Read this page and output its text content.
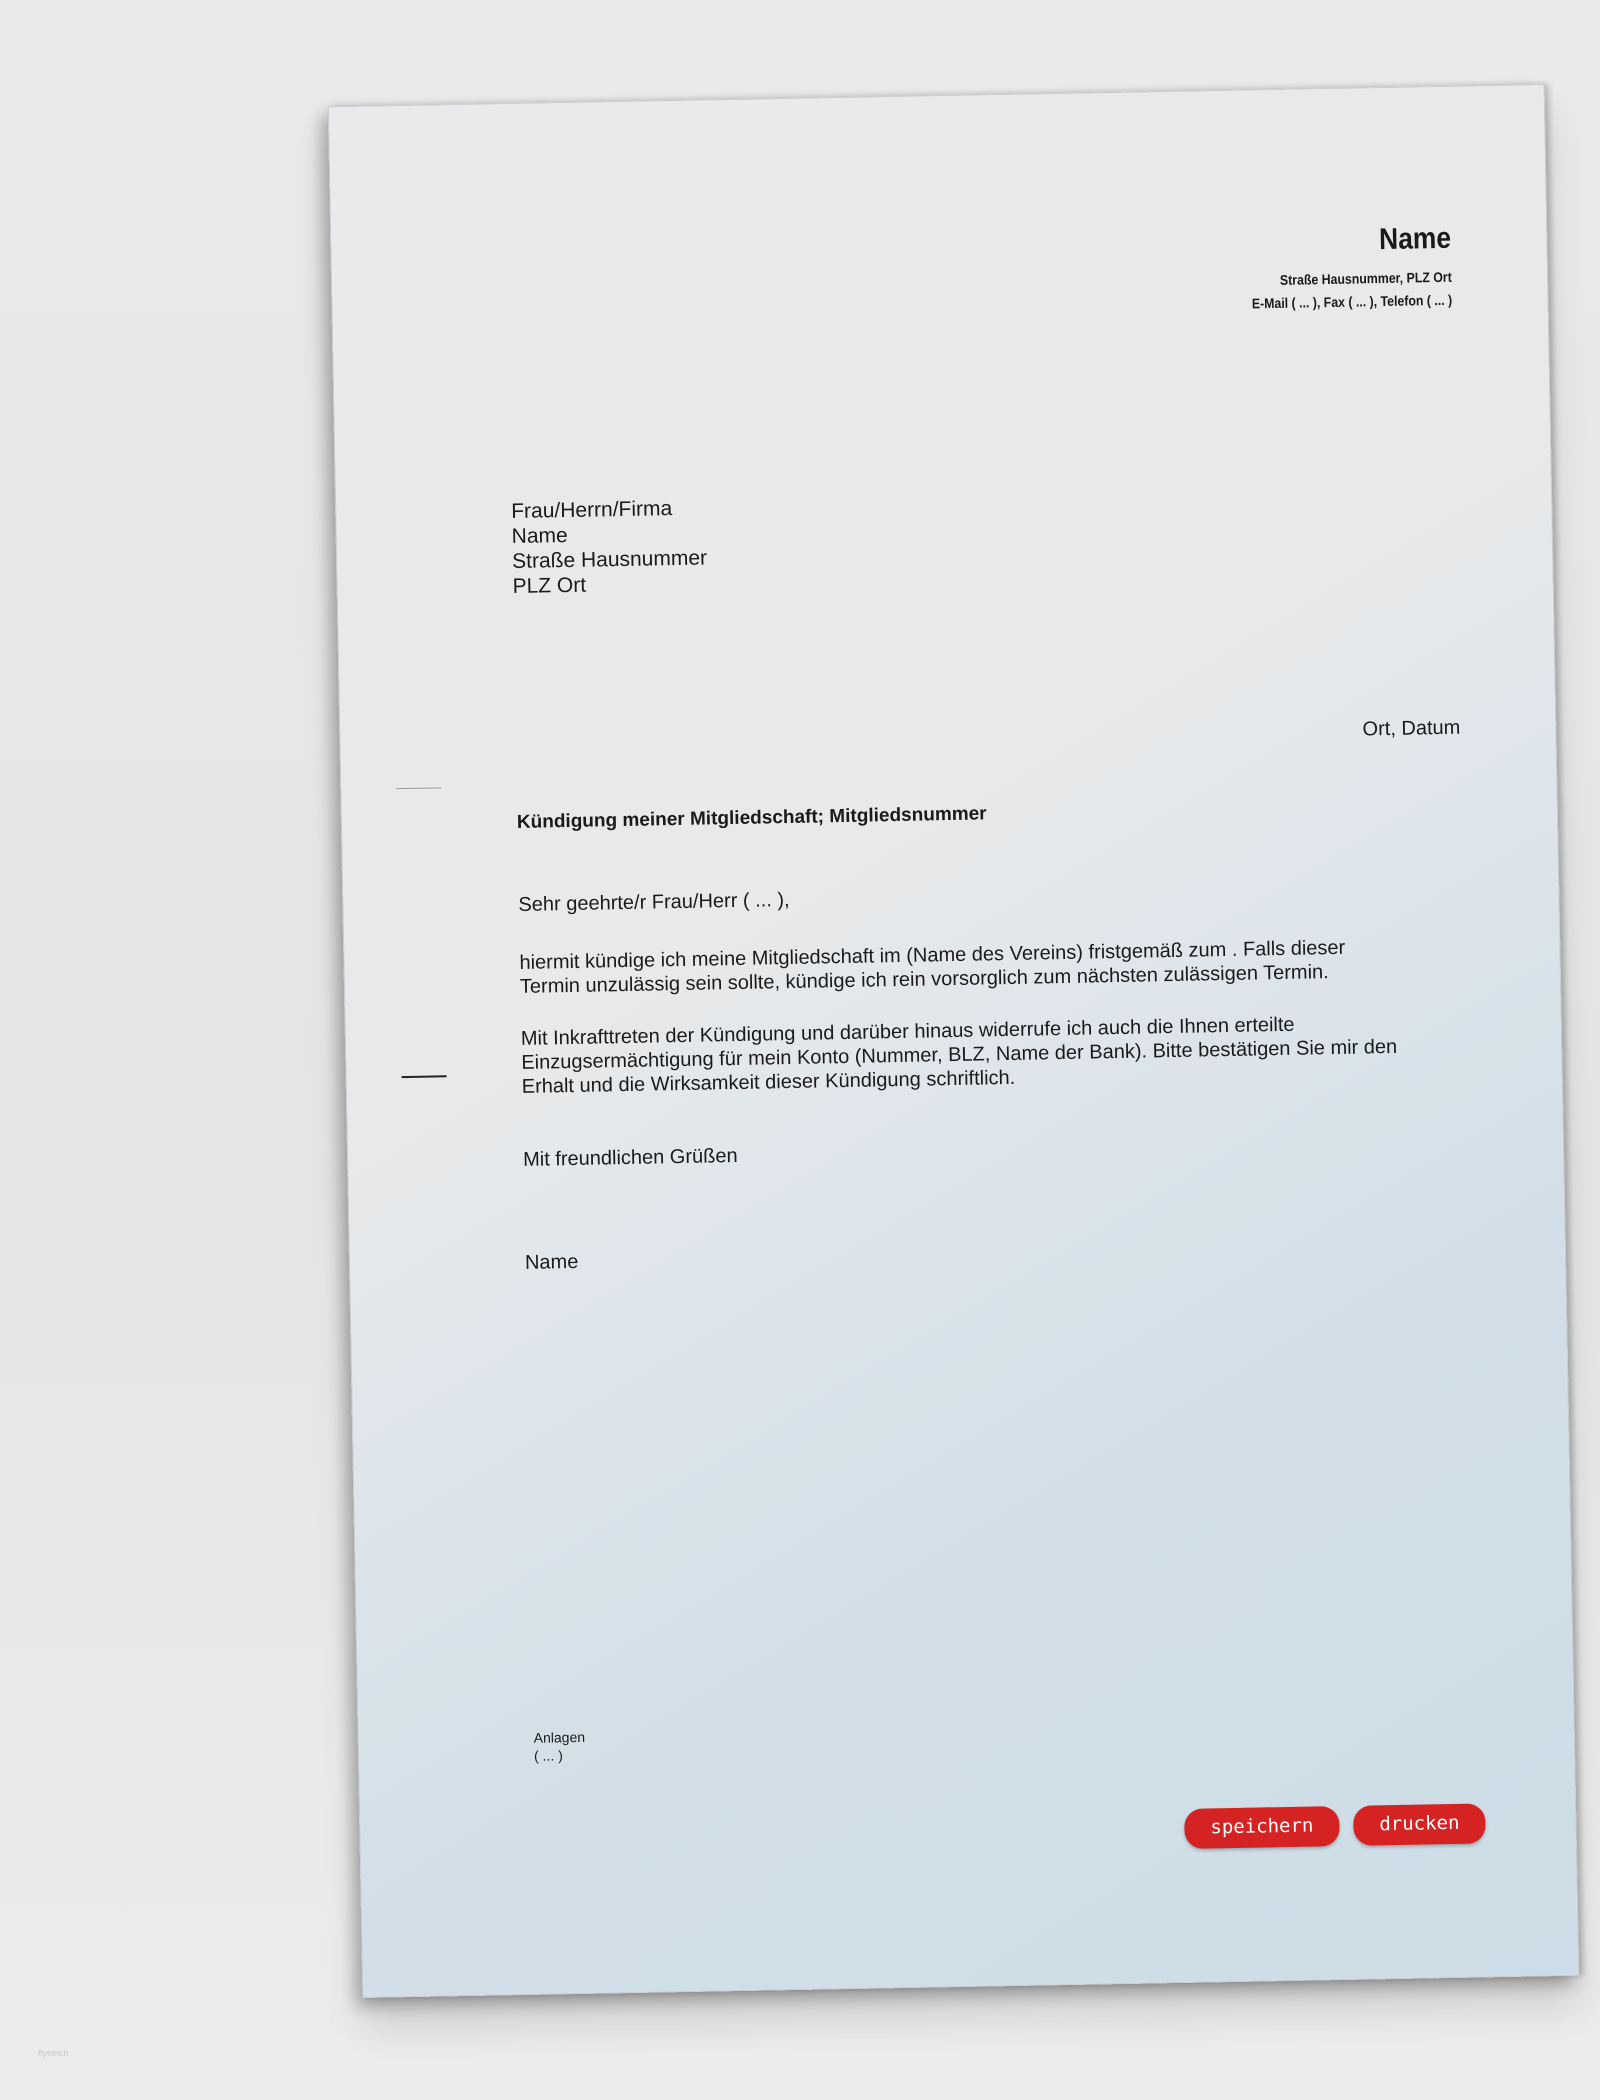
Name
Straße Hausnummer, PLZ Ort
E-Mail ( ... ), Fax ( ... ), Telefon ( ... )
Frau/Herrn/Firma
Name
Straße Hausnummer
PLZ Ort
Ort, Datum
Kündigung meiner Mitgliedschaft; Mitgliedsnummer
Sehr geehrte/r Frau/Herr ( ... ),
hiermit kündige ich meine Mitgliedschaft im (Name des Vereins) fristgemäß zum . Falls dieser Termin unzulässig sein sollte, kündige ich rein vorsorglich zum nächsten zulässigen Termin.
Mit Inkrafttreten der Kündigung und darüber hinaus widerrufe ich auch die Ihnen erteilte Einzugsermächtigung für mein Konto (Nummer, BLZ, Name der Bank). Bitte bestätigen Sie mir den Erhalt und die Wirksamkeit dieser Kündigung schriftlich.
Mit freundlichen Grüßen
Name
Anlagen
( ... )
speichern	drucken
fiyeeich
